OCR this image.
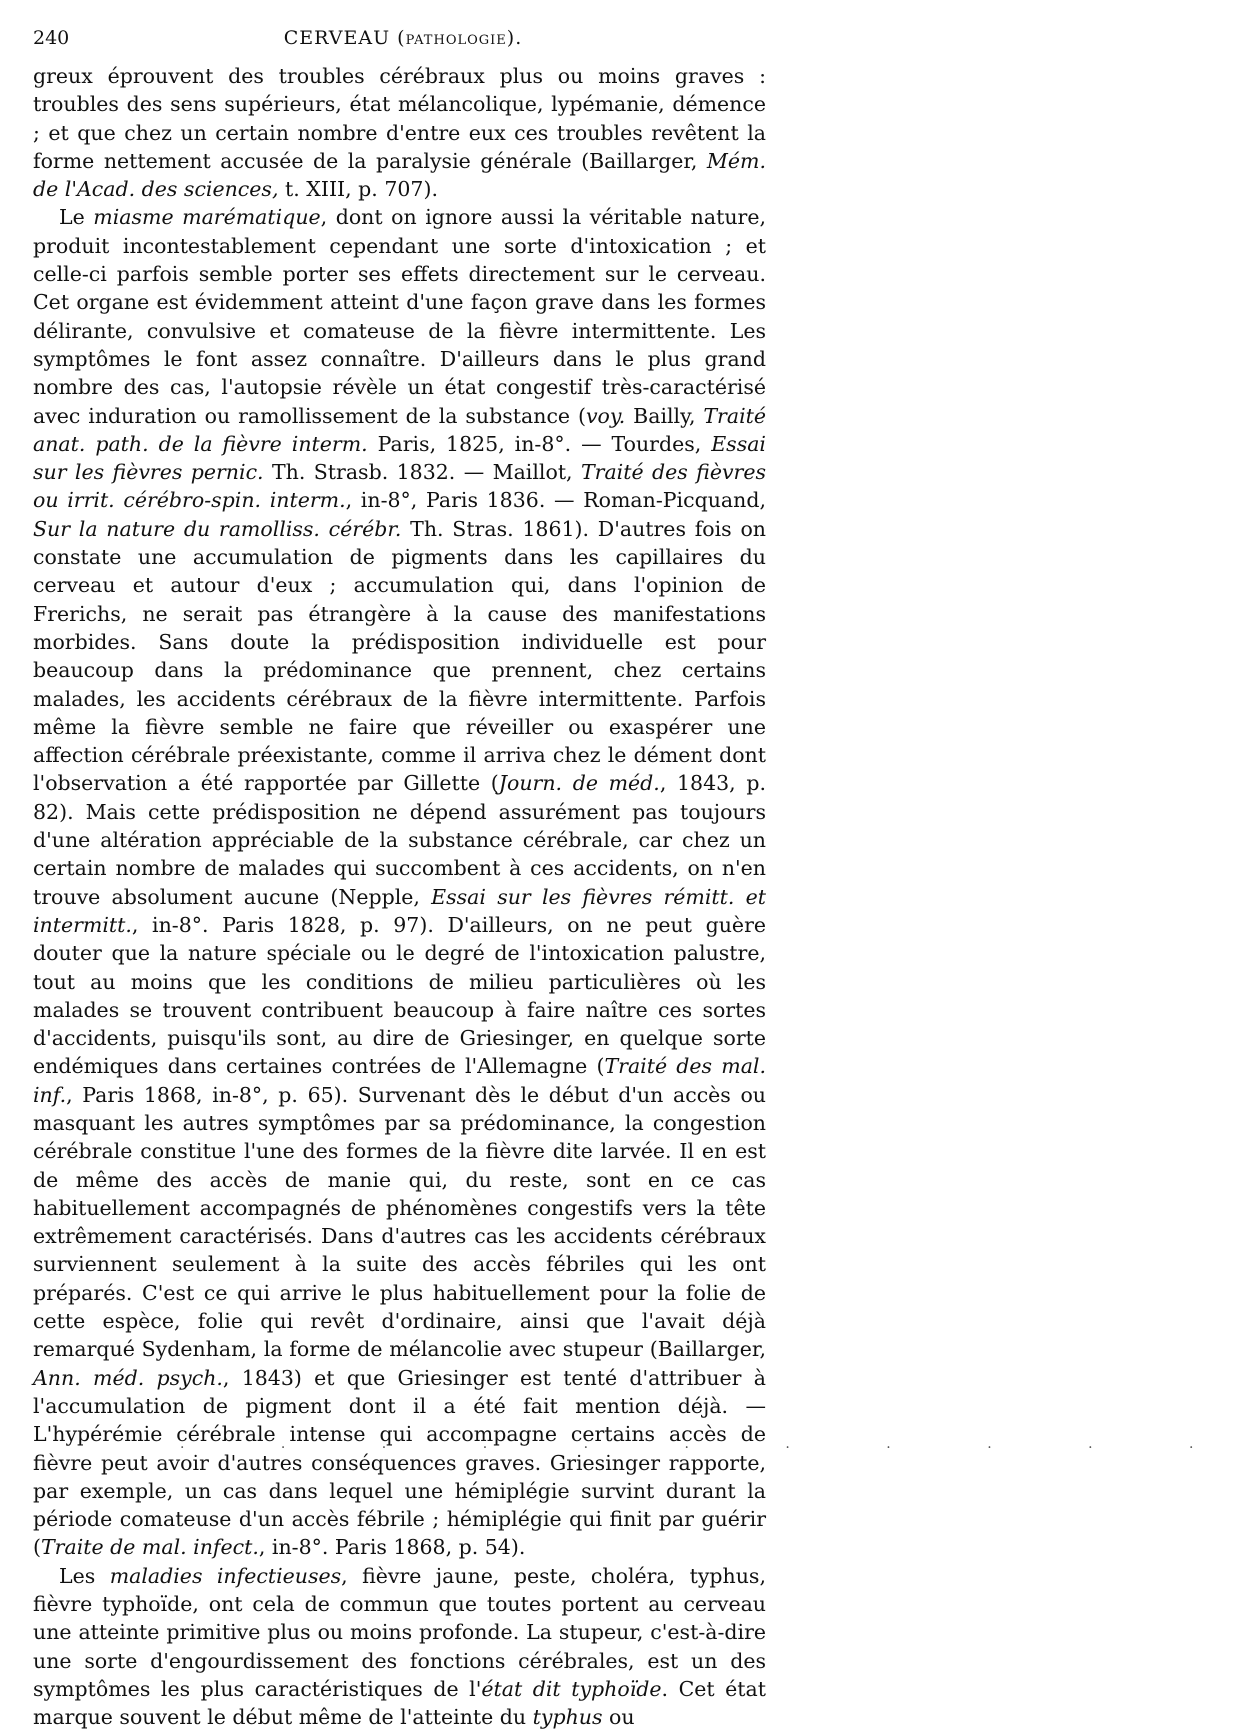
240	CERVEAU (PATHOLOGIE).

greux éprouvent des troubles cérébraux plus ou moins graves : troubles des sens supérieurs, état mélancolique, lypémanie, démence ; et que chez un certain nombre d'entre eux ces troubles revêtent la forme nettement accusée de la paralysie générale (Baillarger, Mém. de l'Acad. des sciences, t. XIII, p. 707).

Le miasme marématique, dont on ignore aussi la véritable nature, produit incontestablement cependant une sorte d'intoxication ; et celle-ci parfois semble porter ses effets directement sur le cerveau. Cet organe est évidemment atteint d'une façon grave dans les formes délirante, convulsive et comateuse de la fièvre intermittente. Les symptômes le font assez connaître. D'ailleurs dans le plus grand nombre des cas, l'autopsie révèle un état congestif très-caractérisé avec induration ou ramollissement de la substance (voy. Bailly, Traité anat. path. de la fièvre interm. Paris, 1825, in-8°. — Tourdes, Essai sur les fièvres pernic. Th. Strasb. 1832. — Maillot, Traité des fièvres ou irrit. cérébro-spin. interm., in-8°, Paris 1836. — Roman-Picquand, Sur la nature du ramolliss. cérébr. Th. Stras. 1861). D'autres fois on constate une accumulation de pigments dans les capillaires du cerveau et autour d'eux ; accumulation qui, dans l'opinion de Frerichs, ne serait pas étrangère à la cause des manifestations morbides. Sans doute la prédisposition individuelle est pour beaucoup dans la prédominance que prennent, chez certains malades, les accidents cérébraux de la fièvre intermittente. Parfois même la fièvre semble ne faire que réveiller ou exaspérer une affection cérébrale préexistante, comme il arriva chez le dément dont l'observation a été rapportée par Gillette (Journ. de méd., 1843, p. 82). Mais cette prédisposition ne dépend assurément pas toujours d'une altération appréciable de la substance cérébrale, car chez un certain nombre de malades qui succombent à ces accidents, on n'en trouve absolument aucune (Nepple, Essai sur les fièvres rémitt. et intermitt., in-8°. Paris 1828, p. 97). D'ailleurs, on ne peut guère douter que la nature spéciale ou le degré de l'intoxication palustre, tout au moins que les conditions de milieu particulières où les malades se trouvent contribuent beaucoup à faire naître ces sortes d'accidents, puisqu'ils sont, au dire de Griesinger, en quelque sorte endémiques dans certaines contrées de l'Allemagne (Traité des mal. inf., Paris 1868, in-8°, p. 65). Survenant dès le début d'un accès ou masquant les autres symptômes par sa prédominance, la congestion cérébrale constitue l'une des formes de la fièvre dite larvée. Il en est de même des accès de manie qui, du reste, sont en ce cas habituellement accompagnés de phénomènes congestifs vers la tête extrêmement caractérisés. Dans d'autres cas les accidents cérébraux surviennent seulement à la suite des accès fébriles qui les ont préparés. C'est ce qui arrive le plus habituellement pour la folie de cette espèce, folie qui revêt d'ordinaire, ainsi que l'avait déjà remarqué Sydenham, la forme de mélancolie avec stupeur (Baillarger, Ann. méd. psych., 1843) et que Griesinger est tenté d'attribuer à l'accumulation de pigment dont il a été fait mention déjà. — L'hypérémie cérébrale intense qui accompagne certains accès de fièvre peut avoir d'autres conséquences graves. Griesinger rapporte, par exemple, un cas dans lequel une hémiplégie survint durant la période comateuse d'un accès fébrile ; hémiplégie qui finit par guérir (Traite de mal. infect., in-8°. Paris 1868, p. 54).

Les maladies infectieuses, fièvre jaune, peste, choléra, typhus, fièvre typhoïde, ont cela de commun que toutes portent au cerveau une atteinte primitive plus ou moins profonde. La stupeur, c'est-à-dire une sorte d'engourdissement des fonctions cérébrales, est un des symptômes les plus caractéristiques de l'état dit typhoïde. Cet état marque souvent le début même de l'atteinte du typhus ou

· · · · · · · · · · ·
